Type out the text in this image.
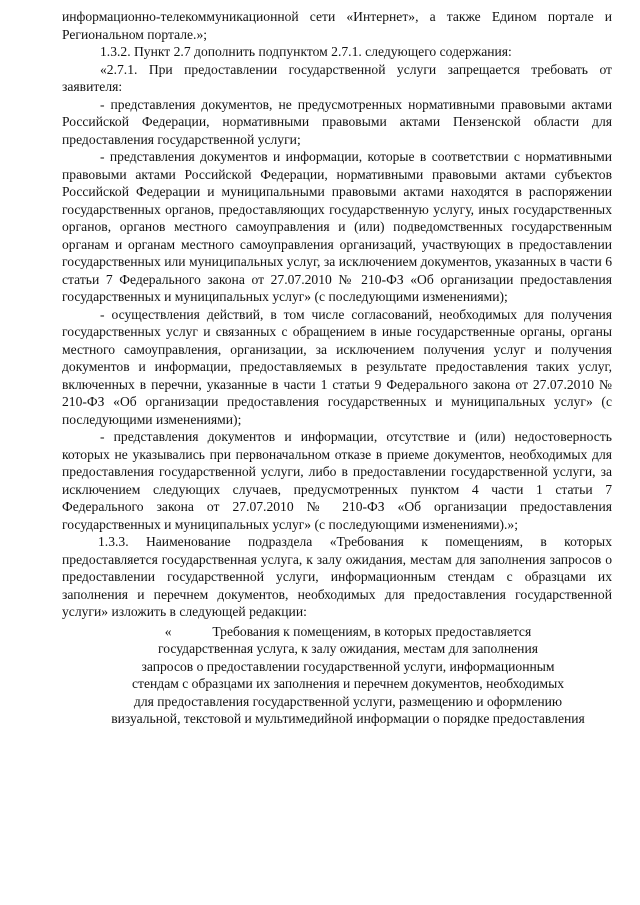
информационно-телекоммуникационной сети «Интернет», а также Едином портале и Региональном портале.»;

1.3.2. Пункт 2.7 дополнить подпунктом 2.7.1. следующего содержания:

«2.7.1. При предоставлении государственной услуги запрещается требовать от заявителя:

- представления документов, не предусмотренных нормативными правовыми актами Российской Федерации, нормативными правовыми актами Пензенской области для предоставления государственной услуги;

- представления документов и информации, которые в соответствии с нормативными правовыми актами Российской Федерации, нормативными правовыми актами субъектов Российской Федерации и муниципальными правовыми актами находятся в распоряжении государственных органов, предоставляющих государственную услугу, иных государственных органов, органов местного самоуправления и (или) подведомственных государственным органам и органам местного самоуправления организаций, участвующих в предоставлении государственных или муниципальных услуг, за исключением документов, указанных в части 6 статьи 7 Федерального закона от 27.07.2010 № 210-ФЗ «Об организации предоставления государственных и муниципальных услуг» (с последующими изменениями);

- осуществления действий, в том числе согласований, необходимых для получения государственных услуг и связанных с обращением в иные государственные органы, органы местного самоуправления, организации, за исключением получения услуг и получения документов и информации, предоставляемых в результате предоставления таких услуг, включенных в перечни, указанные в части 1 статьи 9 Федерального закона от 27.07.2010 № 210-ФЗ «Об организации предоставления государственных и муниципальных услуг» (с последующими изменениями);

- представления документов и информации, отсутствие и (или) недостоверность которых не указывались при первоначальном отказе в приеме документов, необходимых для предоставления государственной услуги, либо в предоставлении государственной услуги, за исключением следующих случаев, предусмотренных пунктом 4 части 1 статьи 7 Федерального закона от 27.07.2010 № 210-ФЗ «Об организации предоставления государственных и муниципальных услуг» (с последующими изменениями).»;

1.3.3. Наименование подраздела «Требования к помещениям, в которых предоставляется государственная услуга, к залу ожидания, местам для заполнения запросов о предоставлении государственной услуги, информационным стендам с образцами их заполнения и перечнем документов, необходимых для предоставления государственной услуги» изложить в следующей редакции:

«            Требования к помещениям, в которых предоставляется
государственная услуга, к залу ожидания, местам для заполнения
запросов о предоставлении государственной услуги, информационным
стендам с образцами их заполнения и перечнем документов, необходимых
для предоставления государственной услуги, размещению и оформлению
визуальной, текстовой и мультимедийной информации о порядке предоставления
